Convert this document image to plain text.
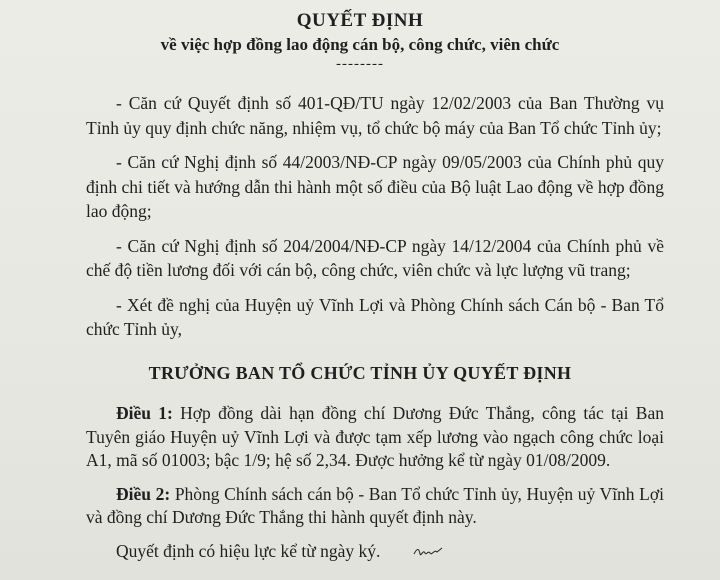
QUYẾT ĐỊNH
về việc hợp đồng lao động cán bộ, công chức, viên chức
--------

- Căn cứ Quyết định số 401-QĐ/TU ngày 12/02/2003 của Ban Thường vụ Tỉnh ủy quy định chức năng, nhiệm vụ, tổ chức bộ máy của Ban Tổ chức Tỉnh ủy;

- Căn cứ Nghị định số 44/2003/NĐ-CP ngày 09/05/2003 của Chính phủ quy định chi tiết và hướng dẫn thi hành một số điều của Bộ luật Lao động về hợp đồng lao động;

- Căn cứ Nghị định số 204/2004/NĐ-CP ngày 14/12/2004 của Chính phủ về chế độ tiền lương đối với cán bộ, công chức, viên chức và lực lượng vũ trang;

- Xét đề nghị của Huyện uỷ Vĩnh Lợi và Phòng Chính sách Cán bộ - Ban Tổ chức Tỉnh ủy,

TRƯỞNG BAN TỔ CHỨC TỈNH ỦY QUYẾT ĐỊNH

Điều 1: Hợp đồng dài hạn đồng chí Dương Đức Thắng, công tác tại Ban Tuyên giáo Huyện uỷ Vĩnh Lợi và được tạm xếp lương vào ngạch công chức loại A1, mã số 01003; bậc 1/9; hệ số 2,34. Được hưởng kể từ ngày 01/08/2009.

Điều 2: Phòng Chính sách cán bộ - Ban Tổ chức Tỉnh ủy, Huyện uỷ Vĩnh Lợi và đồng chí Dương Đức Thắng thi hành quyết định này.

Quyết định có hiệu lực kể từ ngày ký.
